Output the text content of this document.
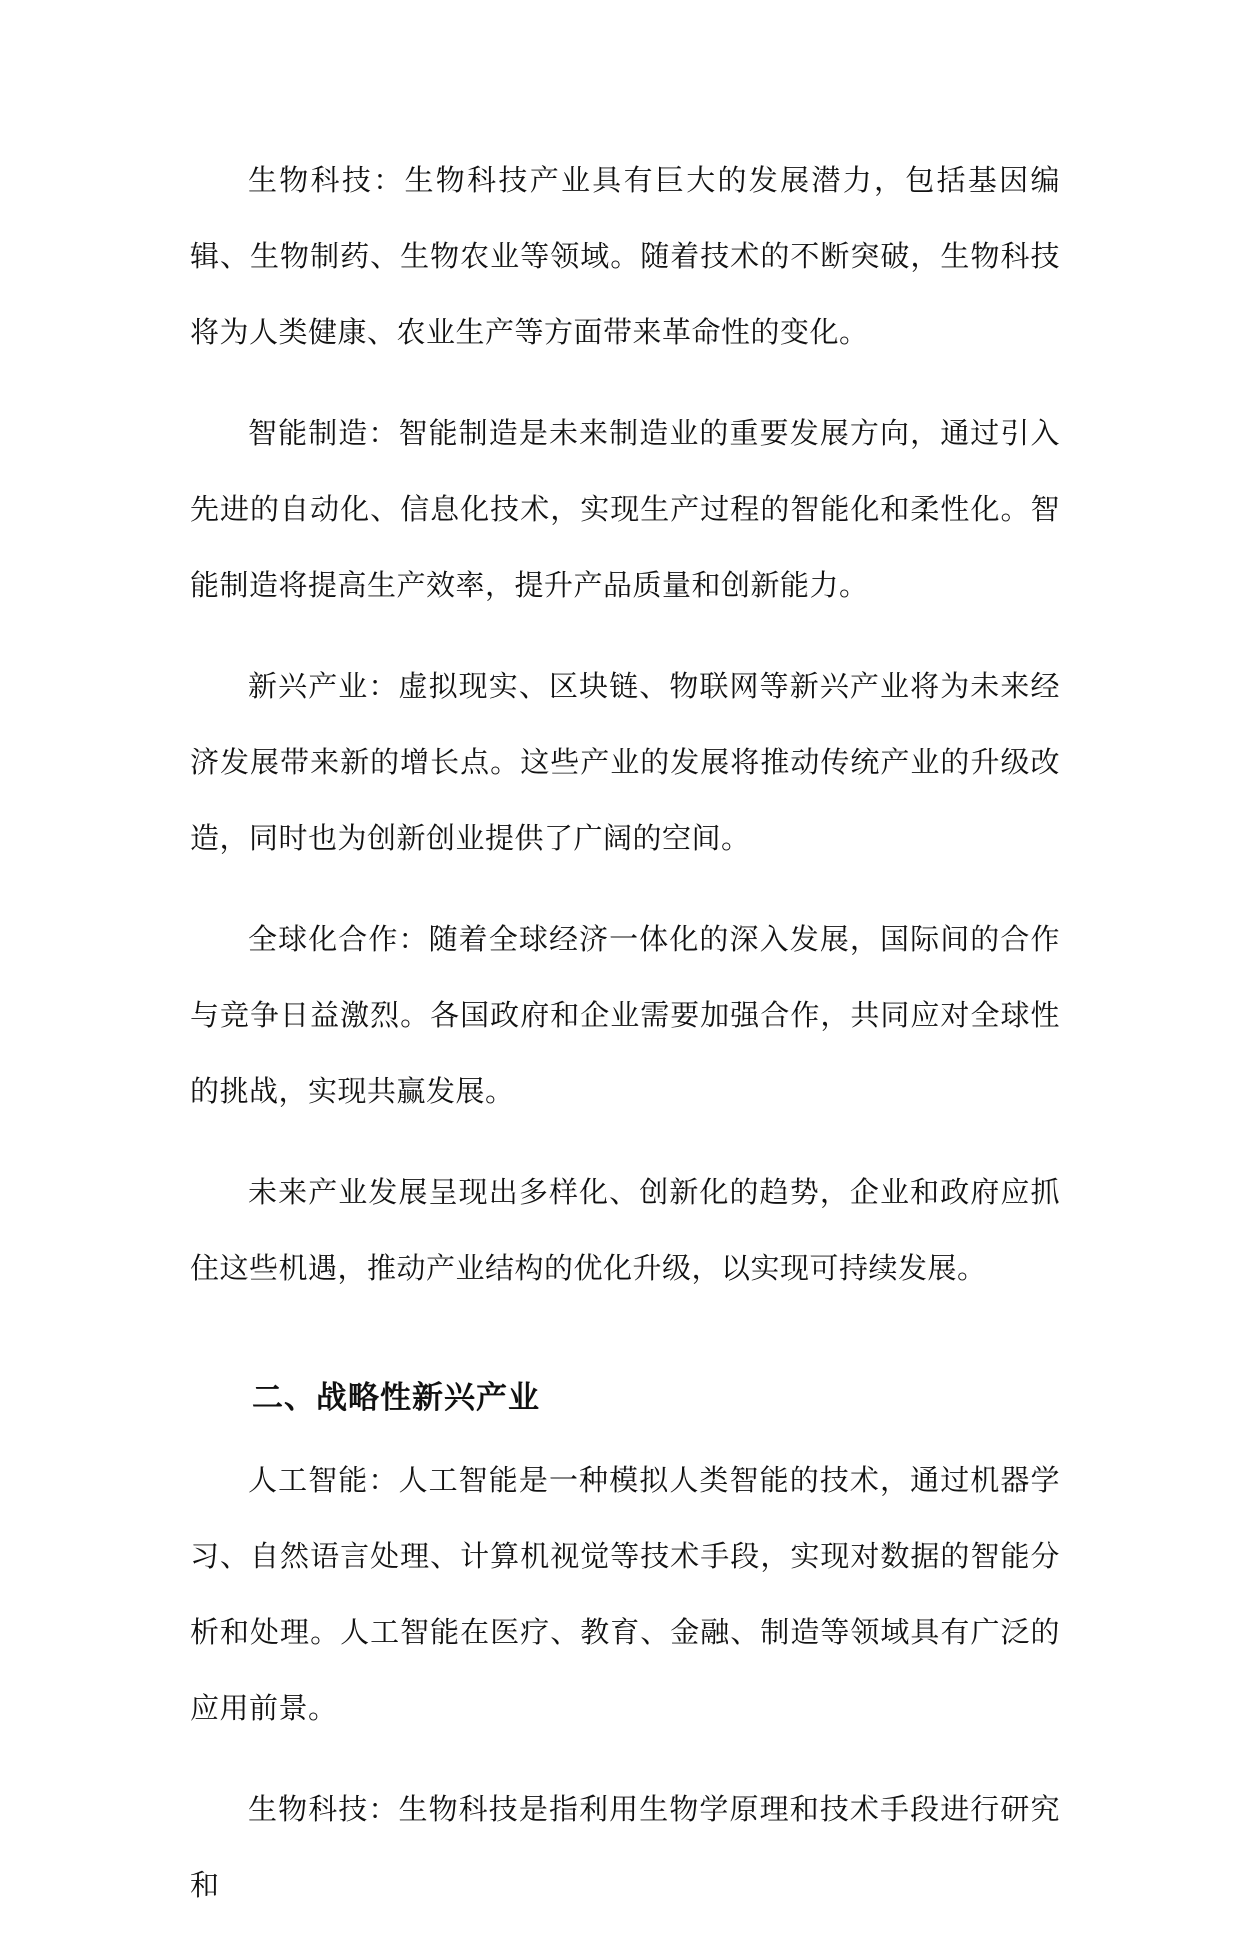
生物科技：生物科技产业具有巨大的发展潜力，包括基因编辑、生物制药、生物农业等领域。随着技术的不断突破，生物科技将为人类健康、农业生产等方面带来革命性的变化。

智能制造：智能制造是未来制造业的重要发展方向，通过引入先进的自动化、信息化技术，实现生产过程的智能化和柔性化。智能制造将提高生产效率，提升产品质量和创新能力。

新兴产业：虚拟现实、区块链、物联网等新兴产业将为未来经济发展带来新的增长点。这些产业的发展将推动传统产业的升级改造，同时也为创新创业提供了广阔的空间。

全球化合作：随着全球经济一体化的深入发展，国际间的合作与竞争日益激烈。各国政府和企业需要加强合作，共同应对全球性的挑战，实现共赢发展。

未来产业发展呈现出多样化、创新化的趋势，企业和政府应抓住这些机遇，推动产业结构的优化升级，以实现可持续发展。

二、战略性新兴产业

人工智能：人工智能是一种模拟人类智能的技术，通过机器学习、自然语言处理、计算机视觉等技术手段，实现对数据的智能分析和处理。人工智能在医疗、教育、金融、制造等领域具有广泛的应用前景。

生物科技：生物科技是指利用生物学原理和技术手段进行研究和
